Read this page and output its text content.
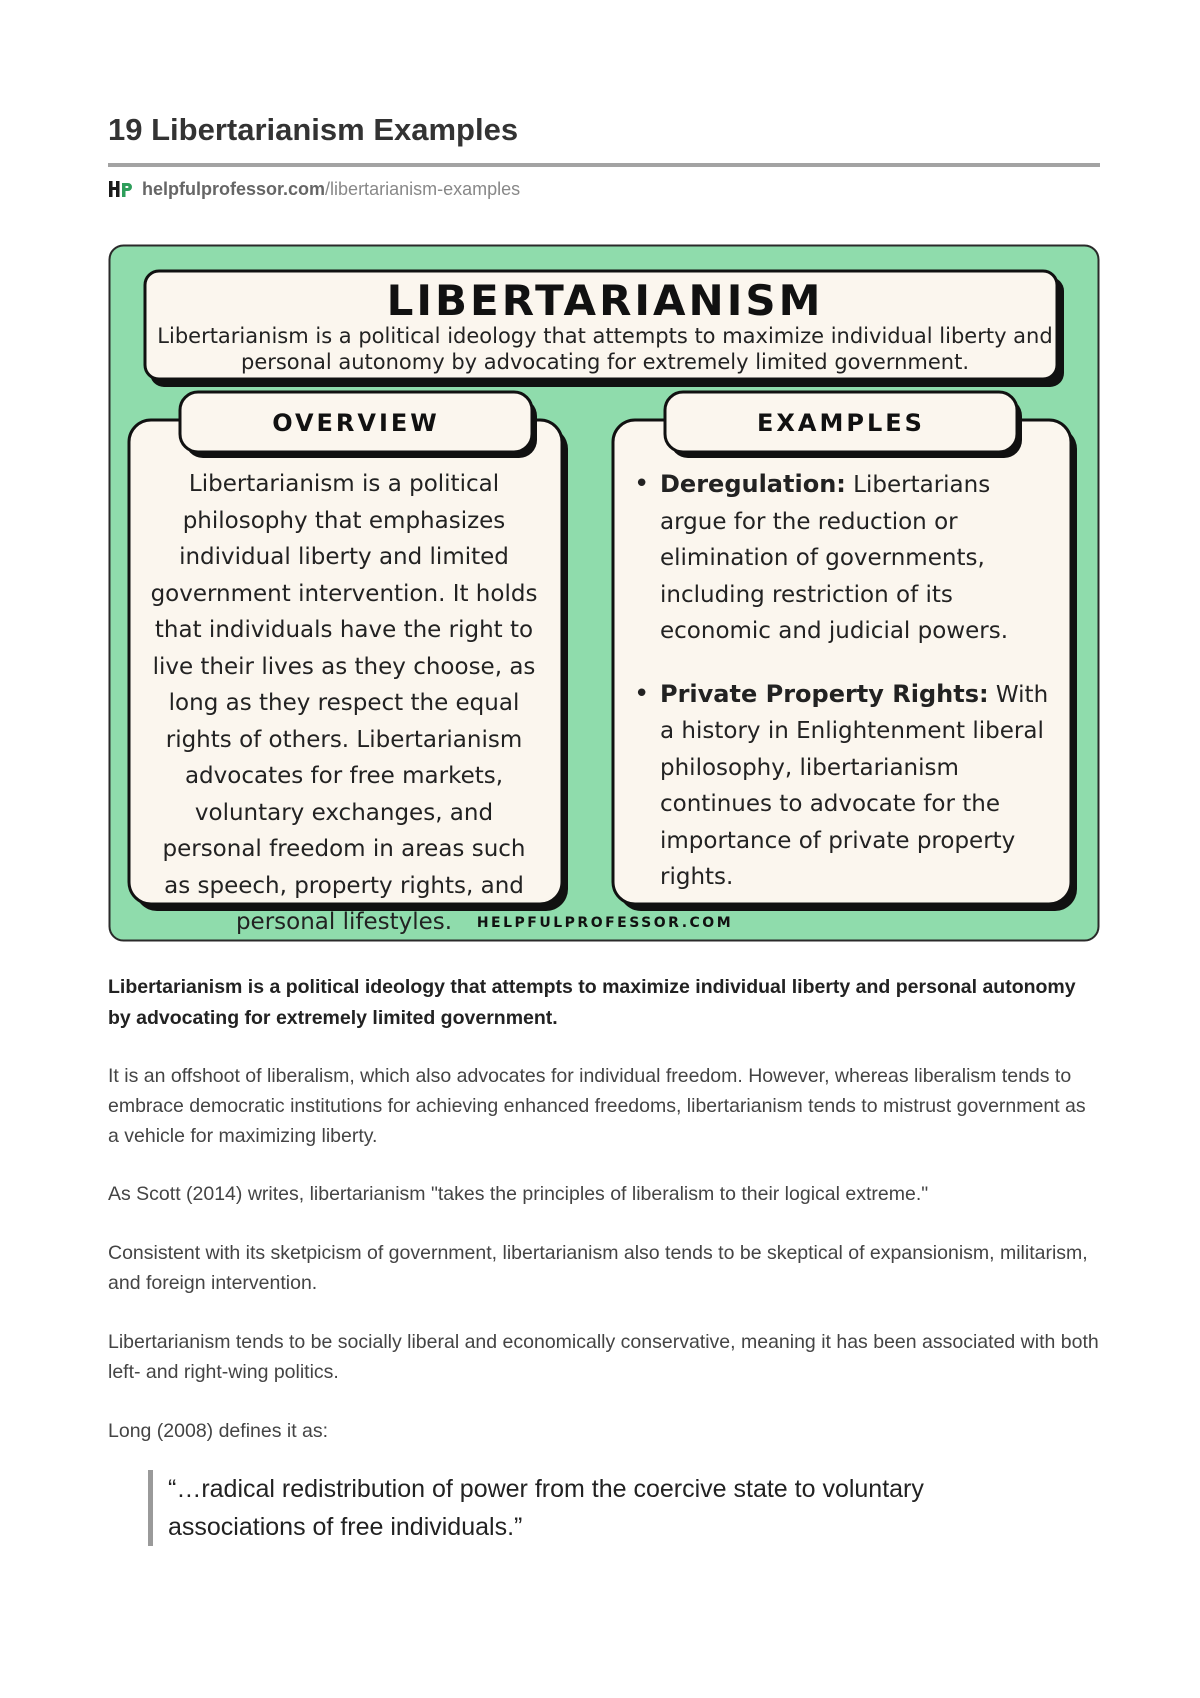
19 Libertarianism Examples
helpfulprofessor.com /libertarianism-examples
LIBERTARIANISM
Libertarianism is a political ideology that attempts to maximize individual liberty and
personal autonomy by advocating for extremely limited government.
OVERVIEW	EXAMPLES
HELPFULPROFESSOR.COM

Libertarianism is a political philosophy that emphasizes individual liberty and limited government intervention. It holds that individuals have the right to live their lives as they choose, as long as they respect the equal rights of others. Libertarianism advocates for free markets, voluntary exchanges, and personal freedom in areas such as speech, property rights, and personal lifestyles.

• Deregulation: Libertarians argue for the reduction or elimination of governments, including restriction of its economic and judicial powers.
• Private Property Rights: With a history in Enlightenment liberal philosophy, libertarianism continues to advocate for the importance of private property rights.

Libertarianism is a political ideology that attempts to maximize individual liberty and personal autonomy by advocating for extremely limited government.

It is an offshoot of liberalism, which also advocates for individual freedom. However, whereas liberalism tends to embrace democratic institutions for achieving enhanced freedoms, libertarianism tends to mistrust government as a vehicle for maximizing liberty.

As Scott (2014) writes, libertarianism "takes the principles of liberalism to their logical extreme."

Consistent with its sketpicism of government, libertarianism also tends to be skeptical of expansionism, militarism, and foreign intervention.

Libertarianism tends to be socially liberal and economically conservative, meaning it has been associated with both left- and right-wing politics.

Long (2008) defines it as:

“…radical redistribution of power from the coercive state to voluntary associations of free individuals.”
